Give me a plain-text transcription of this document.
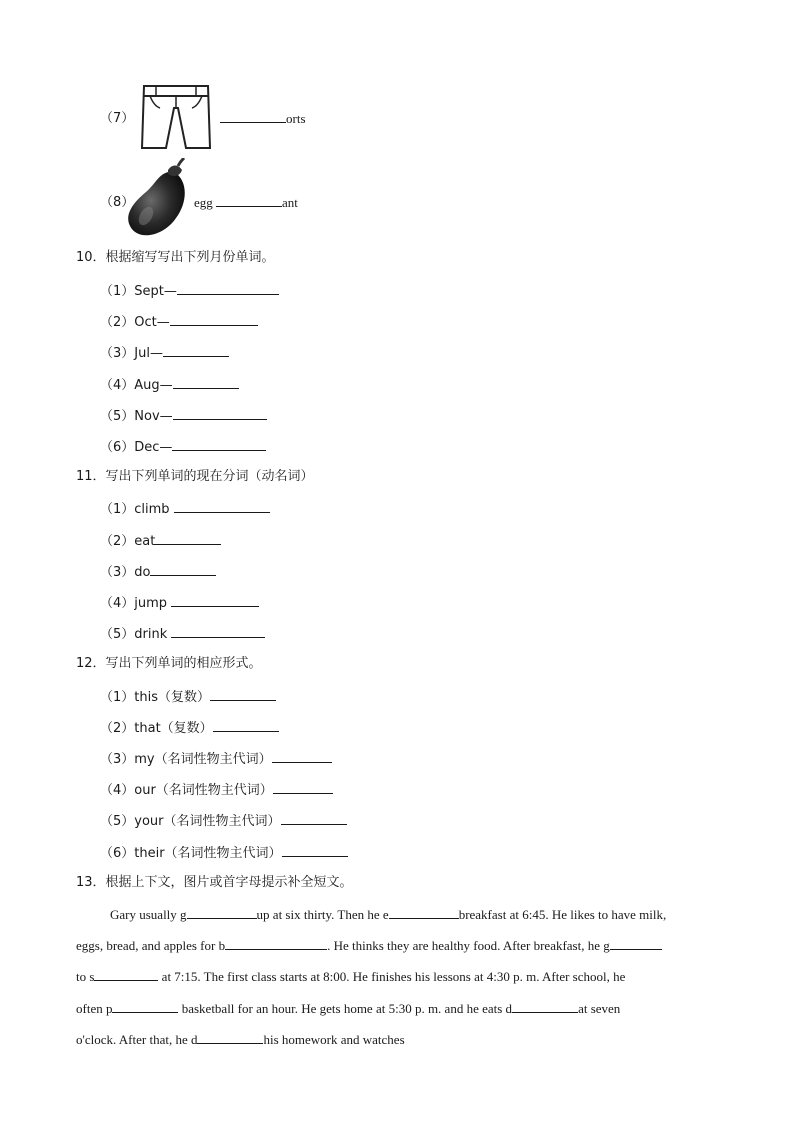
（7）	orts
（8）	egg	ant
10．根据缩写写出下列月份单词。
（1）Sept—
（2）Oct—
（3）Jul—
（4）Aug—
（5）Nov—
（6）Dec—
11．写出下列单词的现在分词（动名词）
（1）climb
（2）eat
（3）do
（4）jump
（5）drink
12．写出下列单词的相应形式。
（1）this（复数）
（2）that（复数）
（3）my（名词性物主代词）
（4）our（名词性物主代词）
（5）your（名词性物主代词）
（6）their（名词性物主代词）
13．根据上下文，图片或首字母提示补全短文。
Gary usually g	up at six thirty. Then he e	breakfast at 6:45. He likes to have milk,
eggs, bread, and apples for b	. He thinks they are healthy food. After breakfast, he g
to s	at 7:15. The first class starts at 8:00. He finishes his lessons at 4:30 p. m. After school, he
often p	basketball for an hour. He gets home at 5:30 p. m. and he eats d	at seven
o'clock. After that, he d	his homework and watches
